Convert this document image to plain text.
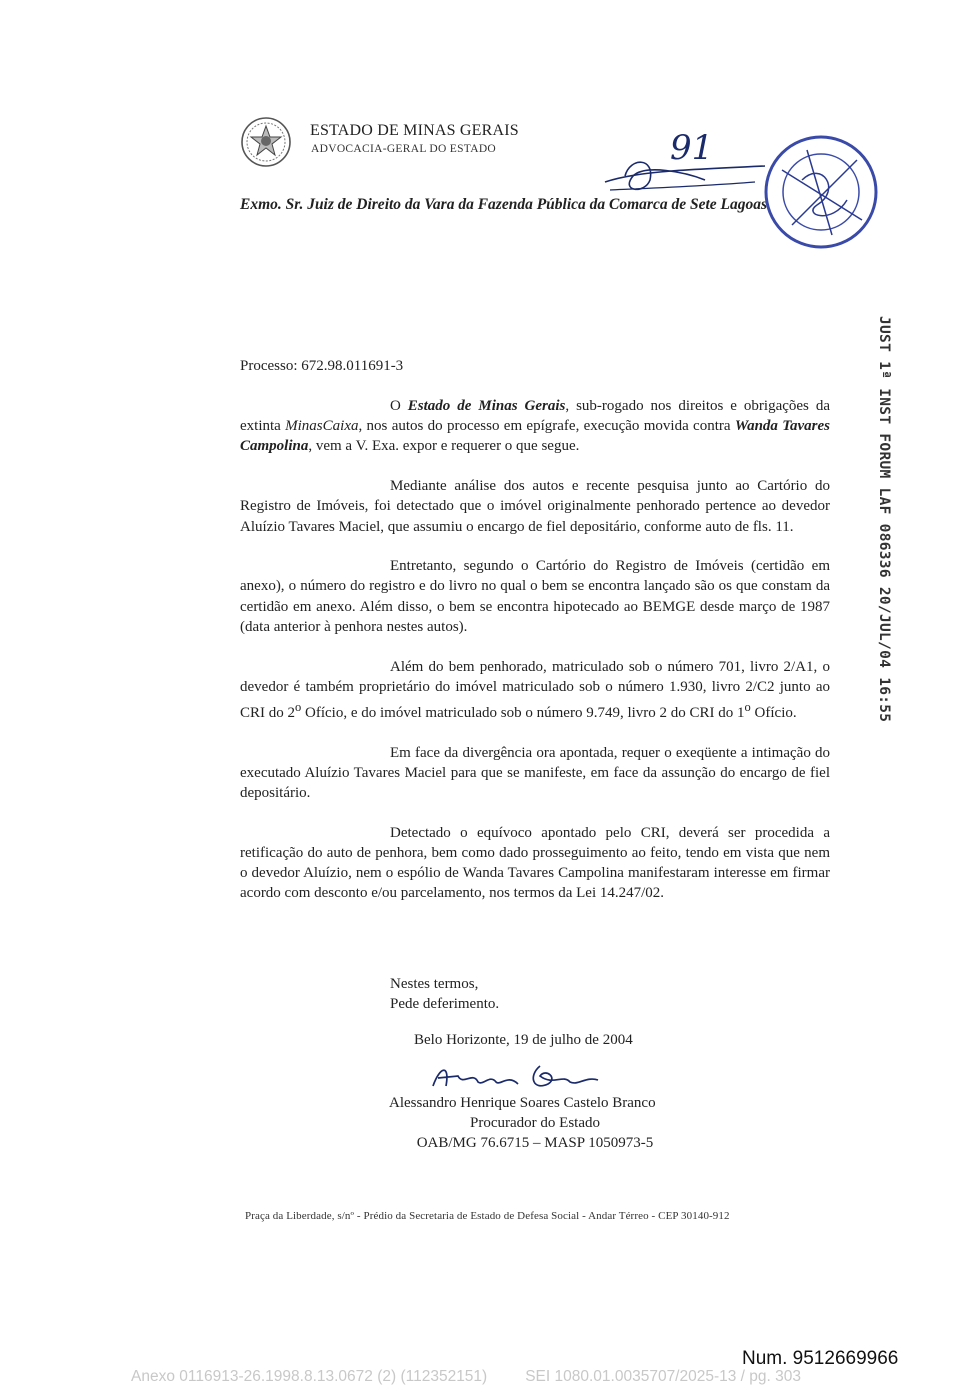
ESTADO DE MINAS GERAIS
ADVOCACIA-GERAL DO ESTADO
Exmo. Sr. Juiz de Direito da Vara da Fazenda Pública da Comarca de Sete Lagoas
91
JUST 1ª INST FORUM LAF 086336 20/JUL/04 16:55
Processo: 672.98.011691-3

O Estado de Minas Gerais, sub-rogado nos direitos e obrigações da extinta MinasCaixa, nos autos do processo em epígrafe, execução movida contra Wanda Tavares Campolina, vem a V. Exa. expor e requerer o que segue.

Mediante análise dos autos e recente pesquisa junto ao Cartório do Registro de Imóveis, foi detectado que o imóvel originalmente penhorado pertence ao devedor Aluízio Tavares Maciel, que assumiu o encargo de fiel depositário, conforme auto de fls. 11.

Entretanto, segundo o Cartório do Registro de Imóveis (certidão em anexo), o número do registro e do livro no qual o bem se encontra lançado são os que constam da certidão em anexo. Além disso, o bem se encontra hipotecado ao BEMGE desde março de 1987 (data anterior à penhora nestes autos).

Além do bem penhorado, matriculado sob o número 701, livro 2/A1, o devedor é também proprietário do imóvel matriculado sob o número 1.930, livro 2/C2 junto ao CRI do 2$^o$ Ofício, e do imóvel matriculado sob o número 9.749, livro 2 do CRI do 1$^o$ Ofício.

Em face da divergência ora apontada, requer o exeqüente a intimação do executado Aluízio Tavares Maciel para que se manifeste, em face da assunção do encargo de fiel depositário.

Detectado o equívoco apontado pelo CRI, deverá ser procedida a retificação do auto de penhora, bem como dado prosseguimento ao feito, tendo em vista que nem o devedor Aluízio, nem o espólio de Wanda Tavares Campolina manifestaram interesse em firmar acordo com desconto e/ou parcelamento, nos termos da Lei 14.247/02.

Nestes termos,
Pede deferimento.
Belo Horizonte, 19 de julho de 2004
Alessandro Henrique Soares Castelo Branco
Procurador do Estado
OAB/MG 76.6715 – MASP 1050973-5
Praça da Liberdade, s/nº - Prédio da Secretaria de Estado de Defesa Social - Andar Térreo - CEP 30140-912
Num. 9512669966
Anexo 0116913-26.1998.8.13.0672 (2) (112352151) SEI 1080.01.0035707/2025-13 / pg. 303
